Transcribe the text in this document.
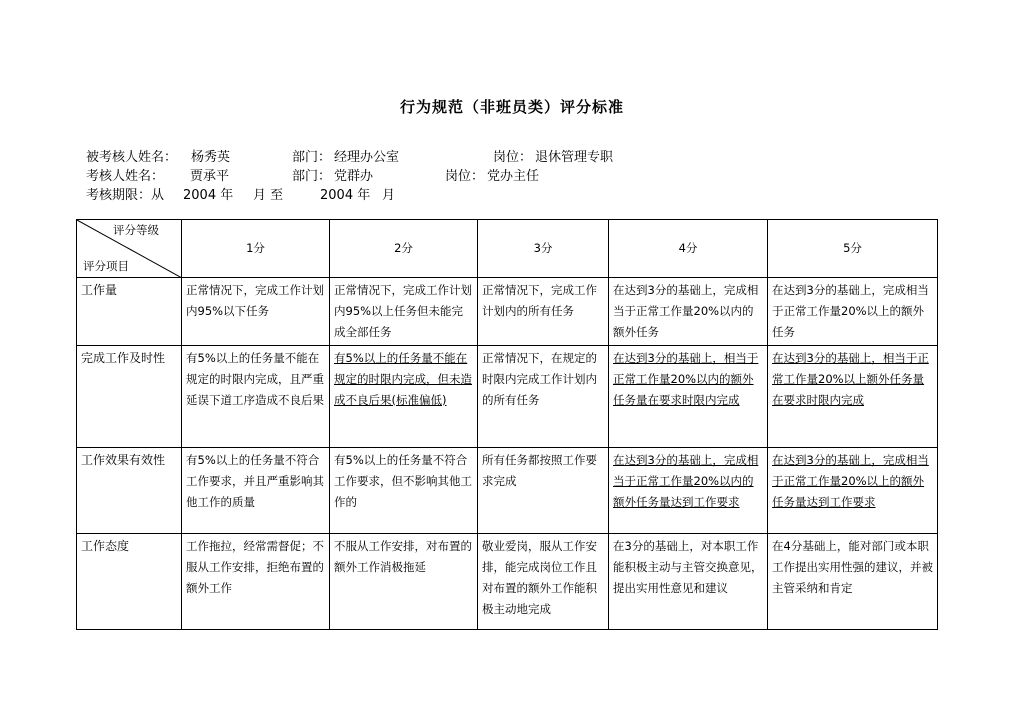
行为规范（非班员类）评分标准
被考核人姓名： 杨秀英	部门： 经理办公室	岗位： 退休管理专职
考核人姓名： 贾承平	部门： 党群办	岗位： 党办主任
考核期限：从 2004 年 月 至	2004 年 月
评分等级
评分项目	1分	2分	3分	4分	5分
工作量	正常情况下，完成工作计划内95%以下任务	正常情况下，完成工作计划内95%以上任务但未能完成全部任务	正常情况下，完成工作计划内的所有任务	在达到3分的基础上，完成相当于正常工作量20%以内的额外任务	在达到3分的基础上，完成相当于正常工作量20%以上的额外任务
完成工作及时性	有5%以上的任务量不能在规定的时限内完成，且严重延误下道工序造成不良后果	有5%以上的任务量不能在规定的时限内完成，但未造成不良后果(标准偏低)	正常情况下，在规定的时限内完成工作计划内的所有任务	在达到3分的基础上，相当于正常工作量20%以内的额外任务量在要求时限内完成	在达到3分的基础上，相当于正常工作量20%以上额外任务量在要求时限内完成
工作效果有效性	有5%以上的任务量不符合工作要求，并且严重影响其他工作的质量	有5%以上的任务量不符合工作要求，但不影响其他工作的	所有任务都按照工作要求完成	在达到3分的基础上，完成相当于正常工作量20%以内的额外任务量达到工作要求	在达到3分的基础上，完成相当于正常工作量20%以上的额外任务量达到工作要求
工作态度	工作拖拉，经常需督促；不服从工作安排，拒绝布置的额外工作	不服从工作安排，对布置的额外工作消极拖延	敬业爱岗，服从工作安排，能完成岗位工作且对布置的额外工作能积极主动地完成	在3分的基础上，对本职工作能积极主动与主管交换意见，提出实用性意见和建议	在4分基础上，能对部门或本职工作提出实用性强的建议，并被主管采纳和肯定
